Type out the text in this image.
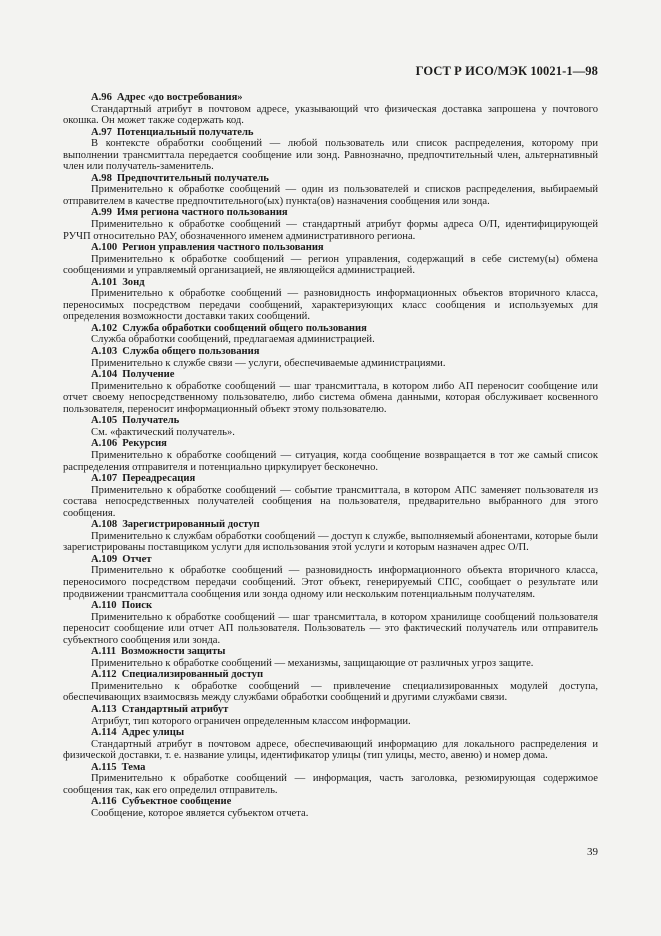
ГОСТ Р ИСО/МЭК 10021-1—98
А.96 Адрес «до востребования»

Стандартный атрибут в почтовом адресе, указывающий что физическая доставка запрошена у почтового окошка. Он может также содержать код.

А.97 Потенциальный получатель

В контексте обработки сообщений — любой пользователь или список распределения, которому при выполнении трансмиттала передается сообщение или зонд. Равнозначно, предпочтительный член, альтернативный член или получатель-заменитель.

А.98 Предпочтительный получатель

Применительно к обработке сообщений — один из пользователей и списков распределения, выбираемый отправителем в качестве предпочтительного(ых) пункта(ов) назначения сообщения или зонда.

А.99 Имя региона частного пользования

Применительно к обработке сообщений — стандартный атрибут формы адреса О/П, идентифицирующей РУЧП относительно РАУ, обозначенного именем административного региона.

А.100 Регион управления частного пользования

Применительно к обработке сообщений — регион управления, содержащий в себе систему(ы) обмена сообщениями и управляемый организацией, не являющейся администрацией.

А.101 Зонд

Применительно к обработке сообщений — разновидность информационных объектов вторичного класса, переносимых посредством передачи сообщений, характеризующих класс сообщения и используемых для определения возможности доставки таких сообщений.

А.102 Служба обработки сообщений общего пользования

Служба обработки сообщений, предлагаемая администрацией.

А.103 Служба общего пользования

Применительно к службе связи — услуги, обеспечиваемые администрациями.

А.104 Получение

Применительно к обработке сообщений — шаг трансмиттала, в котором либо АП переносит сообщение или отчет своему непосредственному пользователю, либо система обмена данными, которая обслуживает косвенного пользователя, переносит информационный объект этому пользователю.

А.105 Получатель

См. «фактический получатель».

А.106 Рекурсия

Применительно к обработке сообщений — ситуация, когда сообщение возвращается в тот же самый список распределения отправителя и потенциально циркулирует бесконечно.

А.107 Переадресация

Применительно к обработке сообщений — событие трансмиттала, в котором АПС заменяет пользователя из состава непосредственных получателей сообщения на пользователя, предварительно выбранного для этого сообщения.

А.108 Зарегистрированный доступ

Применительно к службам обработки сообщений — доступ к службе, выполняемый абонентами, которые были зарегистрированы поставщиком услуги для использования этой услуги и которым назначен адрес О/П.

А.109 Отчет

Применительно к обработке сообщений — разновидность информационного объекта вторичного класса, переносимого посредством передачи сообщений. Этот объект, генерируемый СПС, сообщает о результате или продвижении трансмиттала сообщения или зонда одному или нескольким потенциальным получателям.

А.110 Поиск

Применительно к обработке сообщений — шаг трансмиттала, в котором хранилище сообщений пользователя переносит сообщение или отчет АП пользователя. Пользователь — это фактический получатель или отправитель субъектного сообщения или зонда.

А.111 Возможности защиты

Применительно к обработке сообщений — механизмы, защищающие от различных угроз защите.

А.112 Специализированный доступ

Применительно к обработке сообщений — привлечение специализированных модулей доступа, обеспечивающих взаимосвязь между службами обработки сообщений и другими службами связи.

А.113 Стандартный атрибут

Атрибут, тип которого ограничен определенным классом информации.

А.114 Адрес улицы

Стандартный атрибут в почтовом адресе, обеспечивающий информацию для локального распределения и физической доставки, т. е. название улицы, идентификатор улицы (тип улицы, место, авеню) и номер дома.

А.115 Тема

Применительно к обработке сообщений — информация, часть заголовка, резюмирующая содержимое сообщения так, как его определил отправитель.

А.116 Субъектное сообщение

Сообщение, которое является субъектом отчета.

39
